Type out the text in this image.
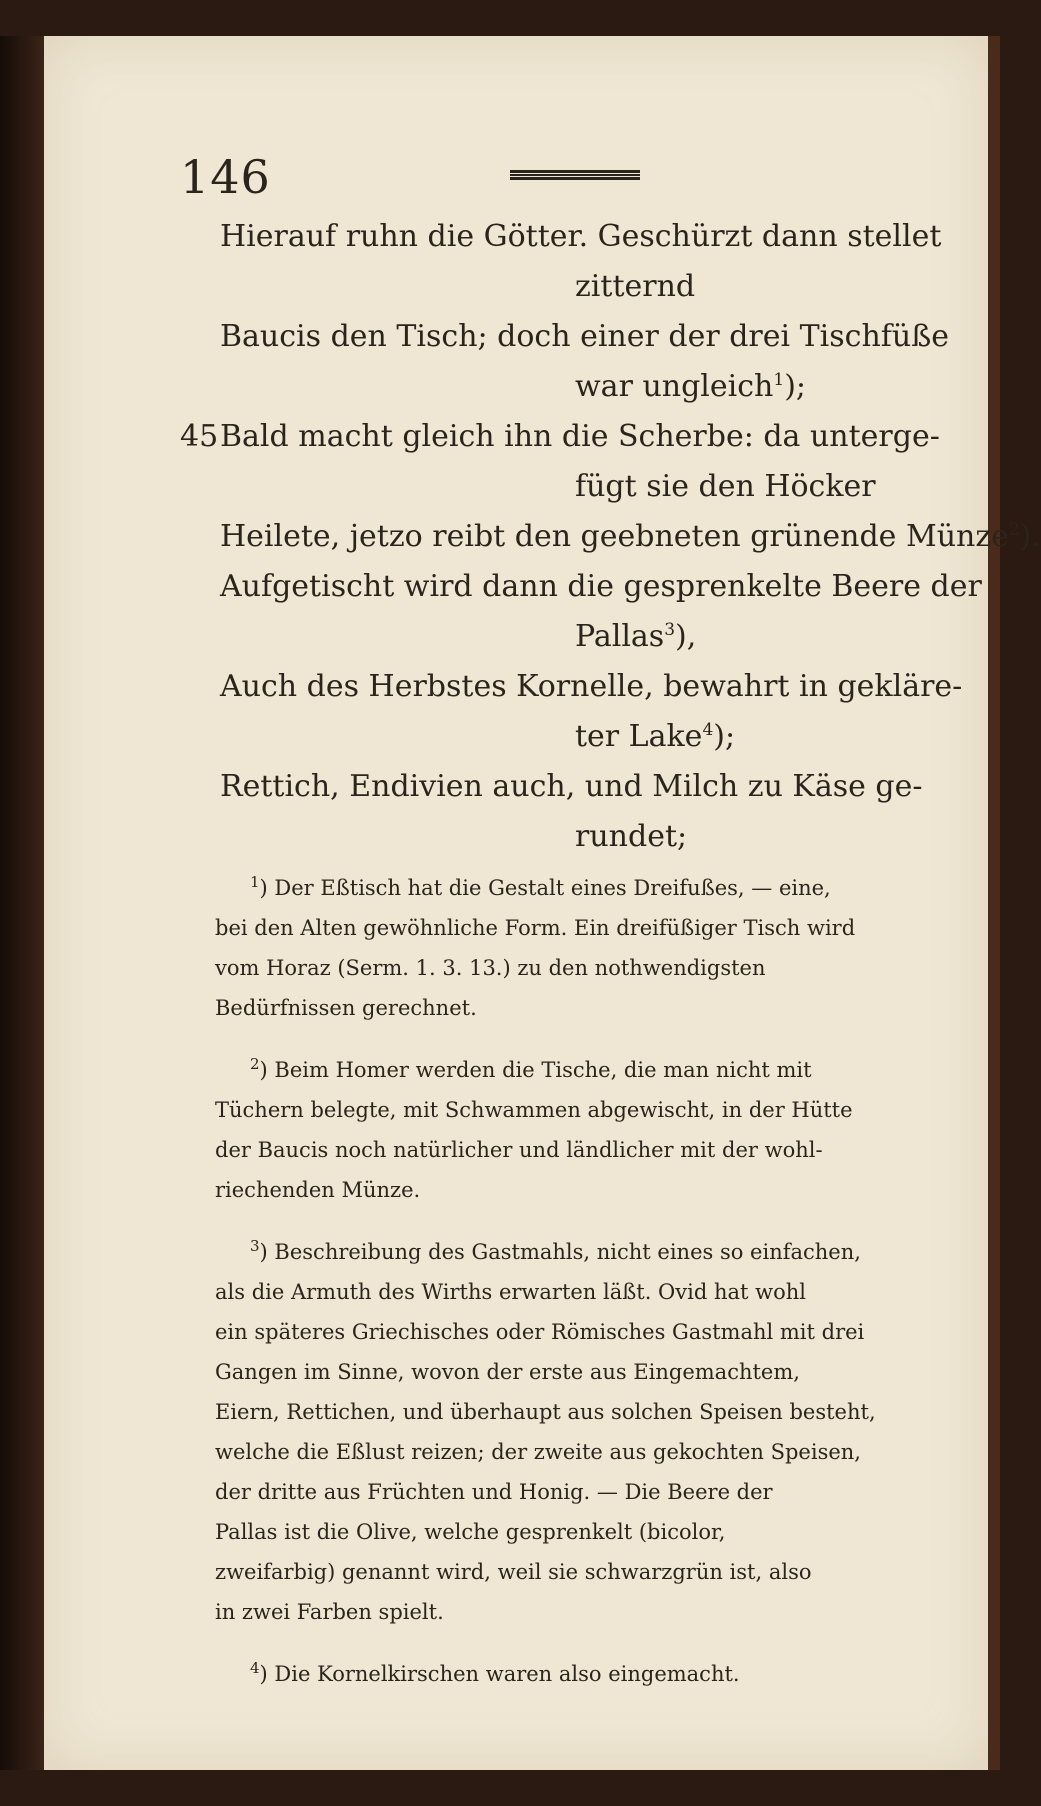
146
Hierauf ruhn die Götter. Geschürzt dann stellet
zitternd
Baucis den Tisch; doch einer der drei Tischfüße
war ungleich$^1$);
45 Bald macht gleich ihn die Scherbe: da unterge-
fügt sie den Höcker
Heilete, jetzo reibt den geebneten grünende Münze$^2$).
Aufgetischt wird dann die gesprenkelte Beere der
Pallas$^3$),
Auch des Herbstes Kornelle, bewahrt in gekläre-
ter Lake$^4$);
Rettich, Endivien auch, und Milch zu Käse ge-
rundet;
$^1$) Der Eßtisch hat die Gestalt eines Dreifußes, — eine,
bei den Alten gewöhnliche Form. Ein dreifüßiger Tisch wird
vom Horaz (Serm. 1. 3. 13.) zu den nothwendigsten
Bedürfnissen gerechnet.
$^2$) Beim Homer werden die Tische, die man nicht mit
Tüchern belegte, mit Schwammen abgewischt, in der Hütte
der Baucis noch natürlicher und ländlicher mit der wohl-
riechenden Münze.
$^3$) Beschreibung des Gastmahls, nicht eines so einfachen,
als die Armuth des Wirths erwarten läßt. Ovid hat wohl
ein späteres Griechisches oder Römisches Gastmahl mit drei
Gangen im Sinne, wovon der erste aus Eingemachtem,
Eiern, Rettichen, und überhaupt aus solchen Speisen besteht,
welche die Eßlust reizen; der zweite aus gekochten Speisen,
der dritte aus Früchten und Honig. — Die Beere der
Pallas ist die Olive, welche gesprenkelt (bicolor,
zweifarbig) genannt wird, weil sie schwarzgrün ist, also
in zwei Farben spielt.
$^4$) Die Kornelkirschen waren also eingemacht.
